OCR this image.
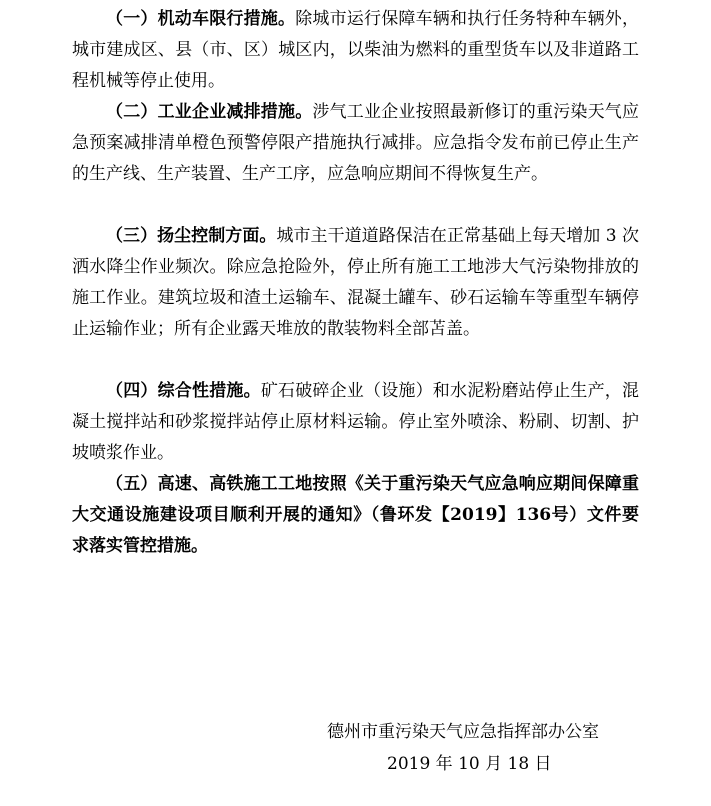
（一）机动车限行措施。除城市运行保障车辆和执行任务特种车辆外，城市建成区、县（市、区）城区内，以柴油为燃料的重型货车以及非道路工程机械等停止使用。

（二）工业企业减排措施。涉气工业企业按照最新修订的重污染天气应急预案减排清单橙色预警停限产措施执行减排。应急指令发布前已停止生产的生产线、生产装置、生产工序，应急响应期间不得恢复生产。

（三）扬尘控制方面。城市主干道道路保洁在正常基础上每天增加 3 次洒水降尘作业频次。除应急抢险外，停止所有施工工地涉大气污染物排放的施工作业。建筑垃圾和渣土运输车、混凝土罐车、砂石运输车等重型车辆停止运输作业；所有企业露天堆放的散装物料全部苫盖。

（四）综合性措施。矿石破碎企业（设施）和水泥粉磨站停止生产，混凝土搅拌站和砂浆搅拌站停止原材料运输。停止室外喷涂、粉刷、切割、护坡喷浆作业。

（五）高速、高铁施工工地按照《关于重污染天气应急响应期间保障重大交通设施建设项目顺利开展的通知》（鲁环发【2019】136号）文件要求落实管控措施。

德州市重污染天气应急指挥部办公室

2019 年 10 月 18 日
